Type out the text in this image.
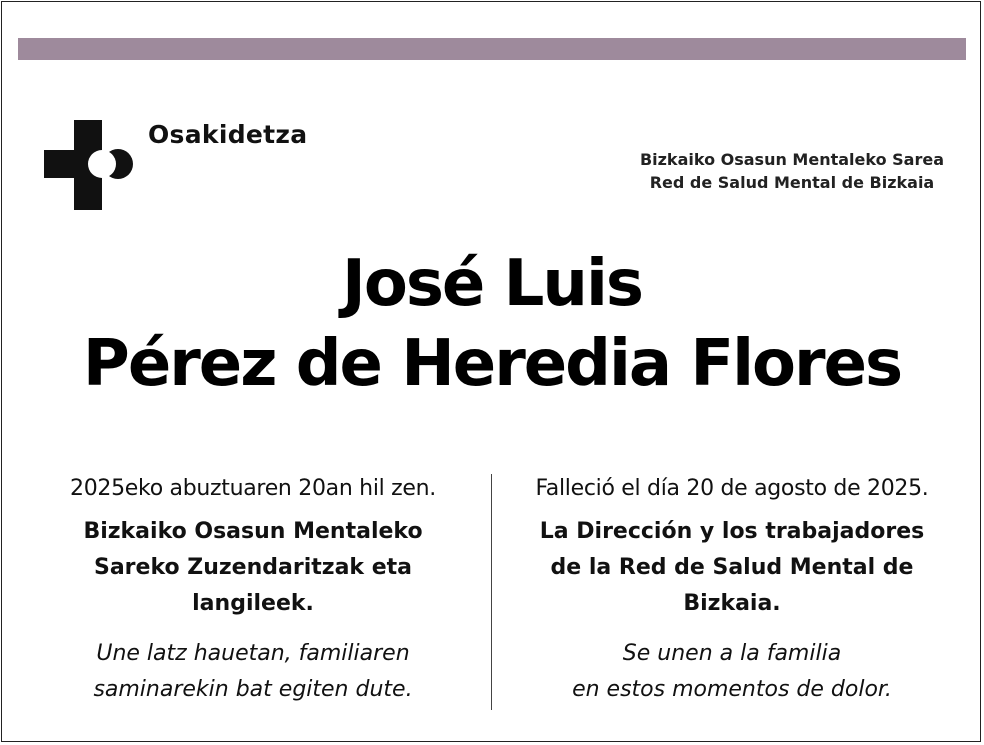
Osakidetza
Bizkaiko Osasun Mentaleko Sarea
Red de Salud Mental de Bizkaia
José Luis
Pérez de Heredia Flores
2025eko abuztuaren 20an hil zen.
Bizkaiko Osasun Mentaleko Sareko Zuzendaritzak eta langileek.
Une latz hauetan, familiaren
saminarekin bat egiten dute.
Falleció el día 20 de agosto de 2025.
La Dirección y los trabajadores de la Red de Salud Mental de Bizkaia.
Se unen a la familia
en estos momentos de dolor.
